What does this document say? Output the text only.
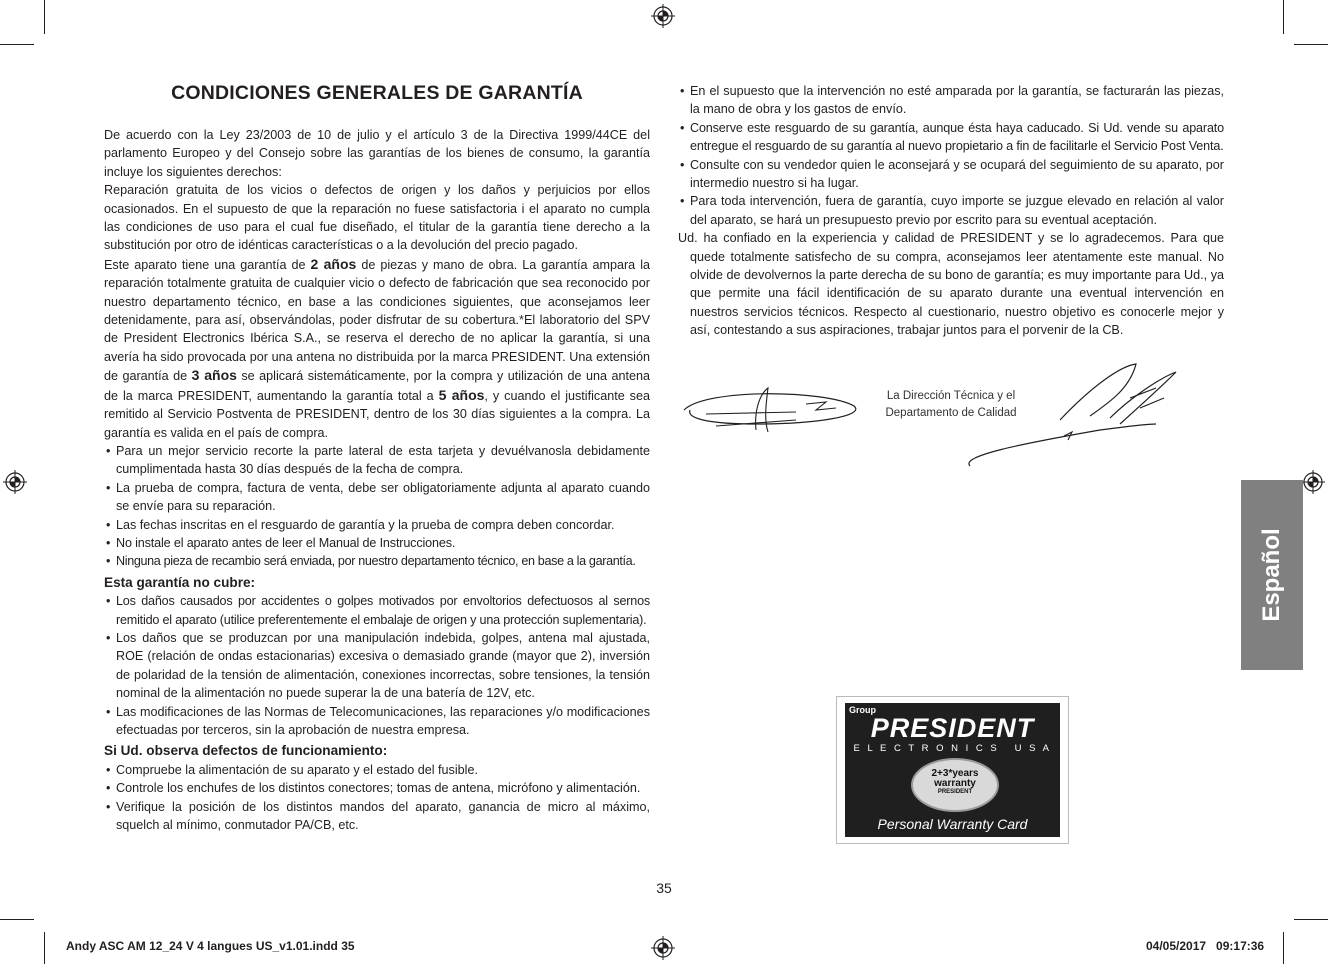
CONDICIONES GENERALES DE GARANTÍA

De acuerdo con la Ley 23/2003 de 10 de julio y el artículo 3 de la Directiva 1999/44CE del parlamento Europeo y del Consejo sobre las garantías de los bienes de consumo, la garantía incluye los siguientes derechos:

Reparación gratuita de los vicios o defectos de origen y los daños y perjuicios por ellos ocasionados. En el supuesto de que la reparación no fuese satisfactoria i el aparato no cumpla las condiciones de uso para el cual fue diseñado, el titular de la garantía tiene derecho a la substitución por otro de idénticas características o a la devolución del precio pagado.

Este aparato tiene una garantía de 2 años de piezas y mano de obra. La garantía ampara la reparación totalmente gratuita de cualquier vicio o defecto de fabricación que sea reconocido por nuestro departamento técnico, en base a las condiciones siguientes, que aconsejamos leer detenidamente, para así, observándolas, poder disfrutar de su cobertura.*El laboratorio del SPV de President Electronics Ibérica S.A., se reserva el derecho de no aplicar la garantía, si una avería ha sido provocada por una antena no distribuida por la marca PRESIDENT. Una extensión de garantía de 3 años se aplicará sistemáticamente, por la compra y utilización de una antena de la marca PRESIDENT, aumentando la garantía total a 5 años, y cuando el justificante sea remitido al Servicio Postventa de PRESIDENT, dentro de los 30 días siguientes a la compra. La garantía es valida en el país de compra.

• Para un mejor servicio recorte la parte lateral de esta tarjeta y devuélvanosla debidamente cumplimentada hasta 30 días después de la fecha de compra.
• La prueba de compra, factura de venta, debe ser obligatoriamente adjunta al aparato cuando se envíe para su reparación.
• Las fechas inscritas en el resguardo de garantía y la prueba de compra deben concordar.
• No instale el aparato antes de leer el Manual de Instrucciones.
• Ninguna pieza de recambio será enviada, por nuestro departamento técnico, en base a la garantía.

Esta garantía no cubre:

• Los daños causados por accidentes o golpes motivados por envoltorios defectuosos al sernos remitido el aparato (utilice preferentemente el embalaje de origen y una protección suplementaria).
• Los daños que se produzcan por una manipulación indebida, golpes, antena mal ajustada, ROE (relación de ondas estacionarias) excesiva o demasiado grande (mayor que 2), inversión de polaridad de la tensión de alimentación, conexiones incorrectas, sobre tensiones, la tensión nominal de la alimentación no puede superar la de una batería de 12V, etc.
• Las modificaciones de las Normas de Telecomunicaciones, las reparaciones y/o modificaciones efectuadas por terceros, sin la aprobación de nuestra empresa.

Si Ud. observa defectos de funcionamiento:

• Compruebe la alimentación de su aparato y el estado del fusible.
• Controle los enchufes de los distintos conectores; tomas de antena, micrófono y alimentación.
• Verifique la posición de los distintos mandos del aparato, ganancia de micro al máximo, squelch al mínimo, conmutador PA/CB, etc.
• En el supuesto que la intervención no esté amparada por la garantía, se facturarán las piezas, la mano de obra y los gastos de envío.
• Conserve este resguardo de su garantía, aunque ésta haya caducado. Si Ud. vende su aparato entregue el resguardo de su garantía al nuevo propietario a fin de facilitarle el Servicio Post Venta.
• Consulte con su vendedor quien le aconsejará y se ocupará del seguimiento de su aparato, por intermedio nuestro si ha lugar.
• Para toda intervención, fuera de garantía, cuyo importe se juzgue elevado en relación al valor del aparato, se hará un presupuesto previo por escrito para su eventual aceptación.

Ud. ha confiado en la experiencia y calidad de PRESIDENT y se lo agradecemos. Para que quede totalmente satisfecho de su compra, aconsejamos leer atentamente este manual. No olvide de devolvernos la parte derecha de su bono de garantía; es muy importante para Ud., ya que permite una fácil identificación de su aparato durante una eventual intervención en nuestros servicios técnicos. Respecto al cuestionario, nuestro objetivo es conocerle mejor y así, contestando a sus aspiraciones, trabajar juntos para el porvenir de la CB.

La Dirección Técnica y el
Departamento de Calidad
Español
Group
PRESIDENT
E L E C T R O N I C S   U S A
2+3*years
warranty
PRESIDENT
Personal Warranty Card
35
Andy ASC AM 12_24 V 4 langues US_v1.01.indd 35	04/05/2017   09:17:36
